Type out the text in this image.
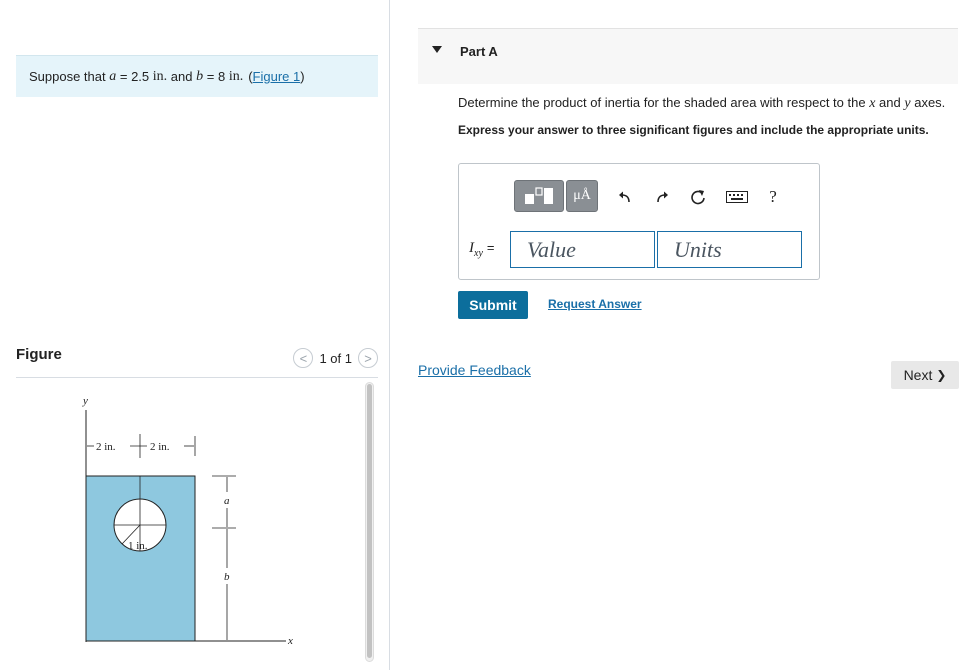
Suppose that
a
= 2.5
in.
and
b
= 8
in. ( Figure 1 )
Figure	< 1 of 1 >
y
x
1 in.
2 in.	2 in.
a
b
Part A
Determine the product of inertia for the shaded area with respect to the x and y axes.
Express your answer to three significant figures and include the appropriate units.
μÅ	?
$I_{xy}$ =	Value	Units
Submit	Request Answer
Provide Feedback	Next ❯
